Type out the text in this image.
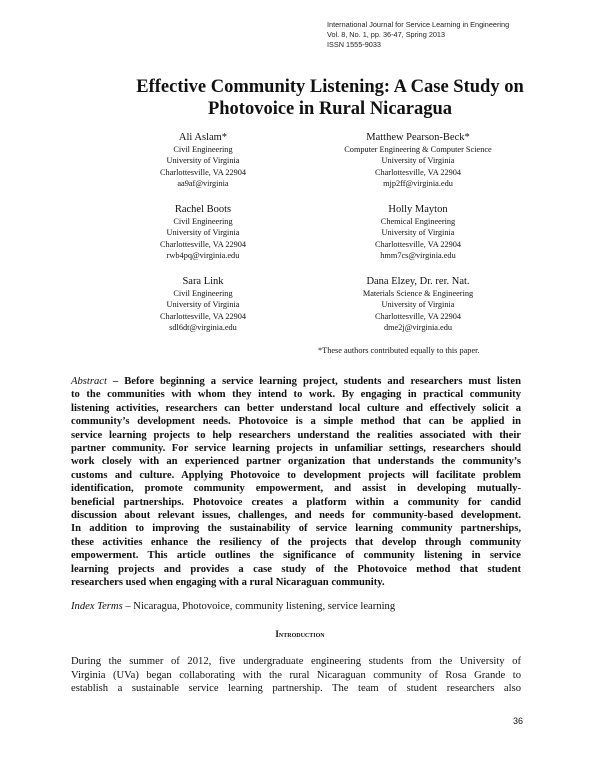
International Journal for Service Learning in Engineering
Vol. 8, No. 1, pp. 36-47, Spring 2013
ISSN 1555-9033
Effective Community Listening: A Case Study on
Photovoice in Rural Nicaragua
Ali Aslam*
Civil Engineering
University of Virginia
Charlottesville, VA 22904
aa9af@virginia
Matthew Pearson-Beck*
Computer Engineering & Computer Science
University of Virginia
Charlottesville, VA 22904
mjp2ff@virginia.edu
Rachel Boots
Civil Engineering
University of Virginia
Charlottesville, VA 22904
rwb4pq@virginia.edu
Holly Mayton
Chemical Engineering
University of Virginia
Charlottesville, VA 22904
hmm7cs@virginia.edu
Sara Link
Civil Engineering
University of Virginia
Charlottesville, VA 22904
sdl6dt@virginia.edu
Dana Elzey, Dr. rer. Nat.
Materials Science & Engineering
University of Virginia
Charlottesville, VA 22904
dme2j@virginia.edu
*These authors contributed equally to this paper.
Abstract – Before beginning a service learning project, students and researchers must listen
to the communities with whom they intend to work. By engaging in practical community
listening activities, researchers can better understand local culture and effectively solicit a
community’s development needs. Photovoice is a simple method that can be applied in
service learning projects to help researchers understand the realities associated with their
partner community. For service learning projects in unfamiliar settings, researchers should
work closely with an experienced partner organization that understands the community’s
customs and culture. Applying Photovoice to development projects will facilitate problem
identification, promote community empowerment, and assist in developing mutually-
beneficial partnerships. Photovoice creates a platform within a community for candid
discussion about relevant issues, challenges, and needs for community-based development.
In addition to improving the sustainability of service learning community partnerships,
these activities enhance the resiliency of the projects that develop through community
empowerment. This article outlines the significance of community listening in service
learning projects and provides a case study of the Photovoice method that student
researchers used when engaging with a rural Nicaraguan community.
Index Terms – Nicaragua, Photovoice, community listening, service learning
Introduction
During the summer of 2012, five undergraduate engineering students from the University of
Virginia (UVa) began collaborating with the rural Nicaraguan community of Rosa Grande to
establish a sustainable service learning partnership. The team of student researchers also
36
